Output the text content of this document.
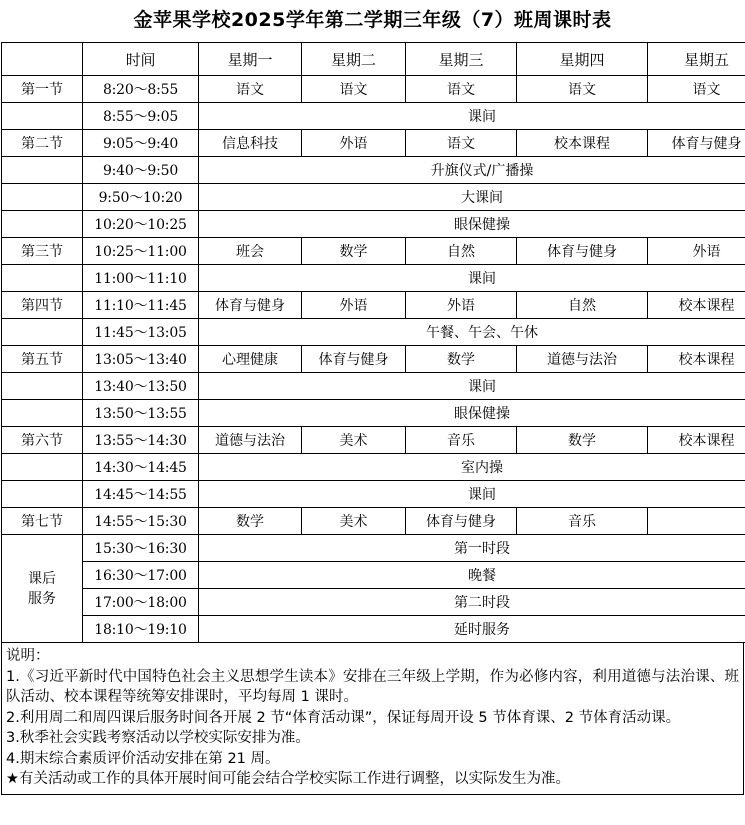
金苹果学校2025学年第二学期三年级（7）班周课时表
	时间	星期一	星期二	星期三	星期四	星期五
第一节	8:20～8:55	语文	语文	语文	语文	语文
	8:55～9:05	课间				
第二节	9:05～9:40	信息科技	外语	语文	校本课程	体育与健身
	9:40～9:50	升旗仪式/广播操				
	9:50～10:20	大课间				
	10:20～10:25	眼保健操				
第三节	10:25～11:00	班会	数学	自然	体育与健身	外语
	11:00～11:10	课间				
第四节	11:10～11:45	体育与健身	外语	外语	自然	校本课程
	11:45～13:05	午餐、午会、午休				
第五节	13:05～13:40	心理健康	体育与健身	数学	道德与法治	校本课程
	13:40～13:50	课间				
	13:50～13:55	眼保健操				
第六节	13:55～14:30	道德与法治	美术	音乐	数学	校本课程
	14:30～14:45	室内操				
	14:45～14:55	课间				
第七节	14:55～15:30	数学	美术	体育与健身	音乐	

课后
服务	15:30～16:30	第一时段				
	16:30～17:00	晚餐				
	17:00～18:00	第二时段				
	18:10～19:10	延时服务				

说明：

1.《习近平新时代中国特色社会主义思想学生读本》安排在三年级上学期，作为必修内容，利用道德与法治课、班队活动、校本课程等统筹安排课时，平均每周 1 课时。

2.利用周二和周四课后服务时间各开展 2 节“体育活动课”，保证每周开设 5 节体育课、2 节体育活动课。

3.秋季社会实践考察活动以学校实际安排为准。

4.期末综合素质评价活动安排在第 21 周。

★有关活动或工作的具体开展时间可能会结合学校实际工作进行调整，以实际发生为准。
